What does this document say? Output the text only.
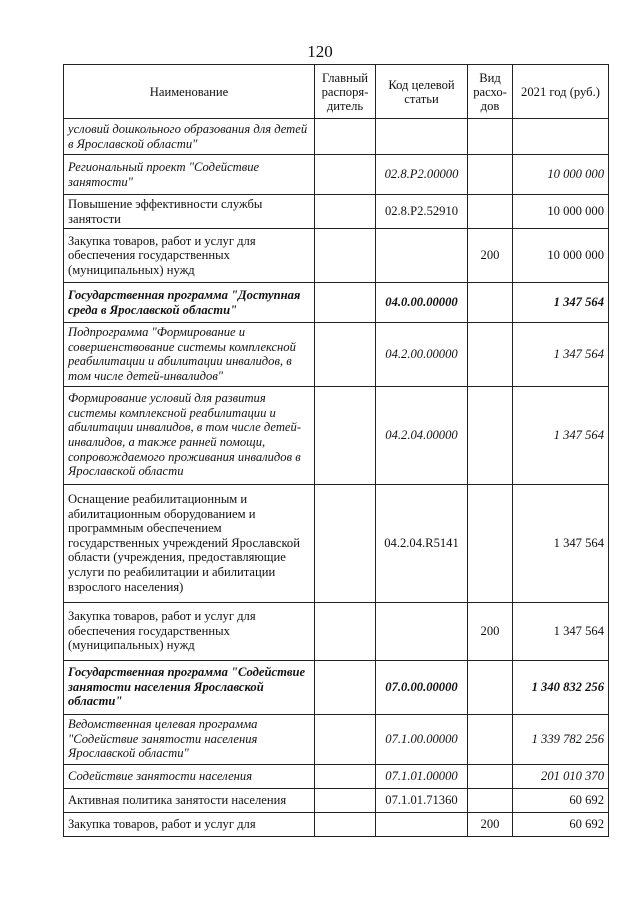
120
Наименование	Главный распоря-дитель	Код целевой статьи	Вид расхо-дов	2021 год (руб.)
условий дошкольного образования для детей в Ярославской области"				
Региональный проект "Содействие занятости"		02.8.P2.00000		10 000 000
Повышение эффективности службы занятости		02.8.P2.52910		10 000 000
Закупка товаров, работ и услуг для обеспечения государственных (муниципальных) нужд			200	10 000 000
Государственная программа "Доступная среда в Ярославской области"		04.0.00.00000		1 347 564
Подпрограмма "Формирование и совершенствование системы комплексной реабилитации и абилитации инвалидов, в том числе детей-инвалидов"		04.2.00.00000		1 347 564
Формирование условий для развития системы комплексной реабилитации и абилитации инвалидов, в том числе детей-инвалидов, а также ранней помощи, сопровождаемого проживания инвалидов в Ярославской области		04.2.04.00000		1 347 564
Оснащение реабилитационным и абилитационным оборудованием и программным обеспечением государственных учреждений Ярославской области (учреждения, предоставляющие услуги по реабилитации и абилитации взрослого населения)		04.2.04.R5141		1 347 564
Закупка товаров, работ и услуг для обеспечения государственных (муниципальных) нужд			200	1 347 564
Государственная программа "Содействие занятости населения Ярославской области"		07.0.00.00000		1 340 832 256
Ведомственная целевая программа "Содействие занятости населения Ярославской области"		07.1.00.00000		1 339 782 256
Содействие занятости населения		07.1.01.00000		201 010 370
Активная политика занятости населения		07.1.01.71360		60 692
Закупка товаров, работ и услуг для			200	60 692
